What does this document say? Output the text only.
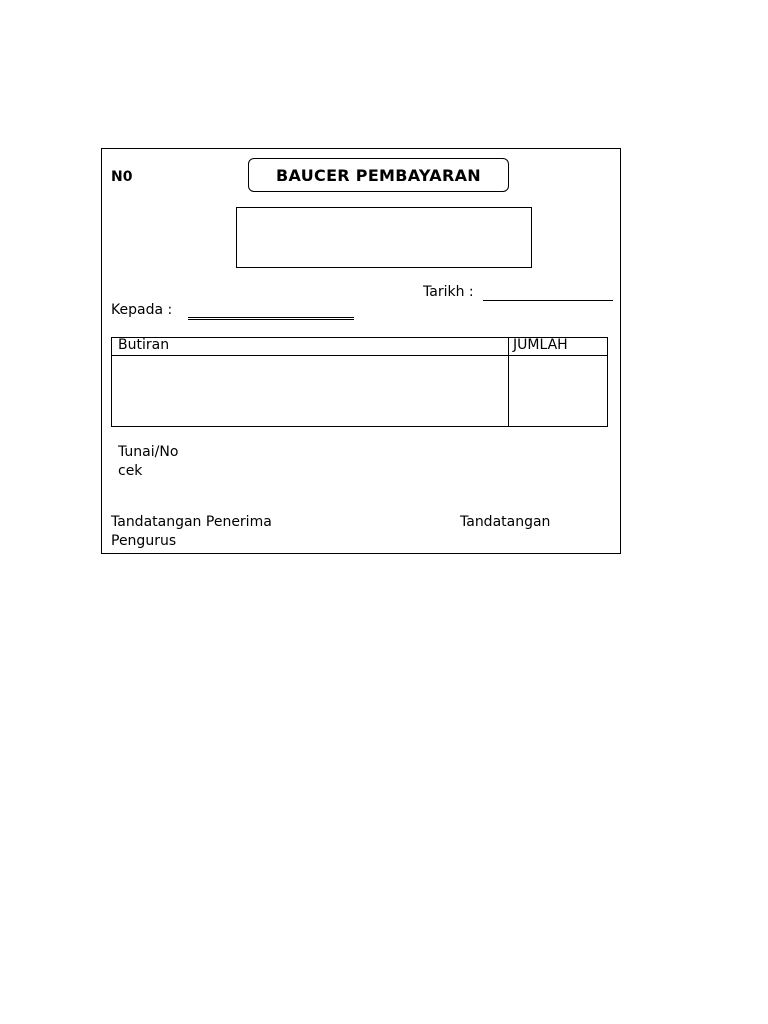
N0	BAUCER PEMBAYARAN
Tarikh :
Kepada :
Butiran	JUMLAH
Tunai/No
cek
Tandatangan Penerima
Pengurus
Tandatangan
